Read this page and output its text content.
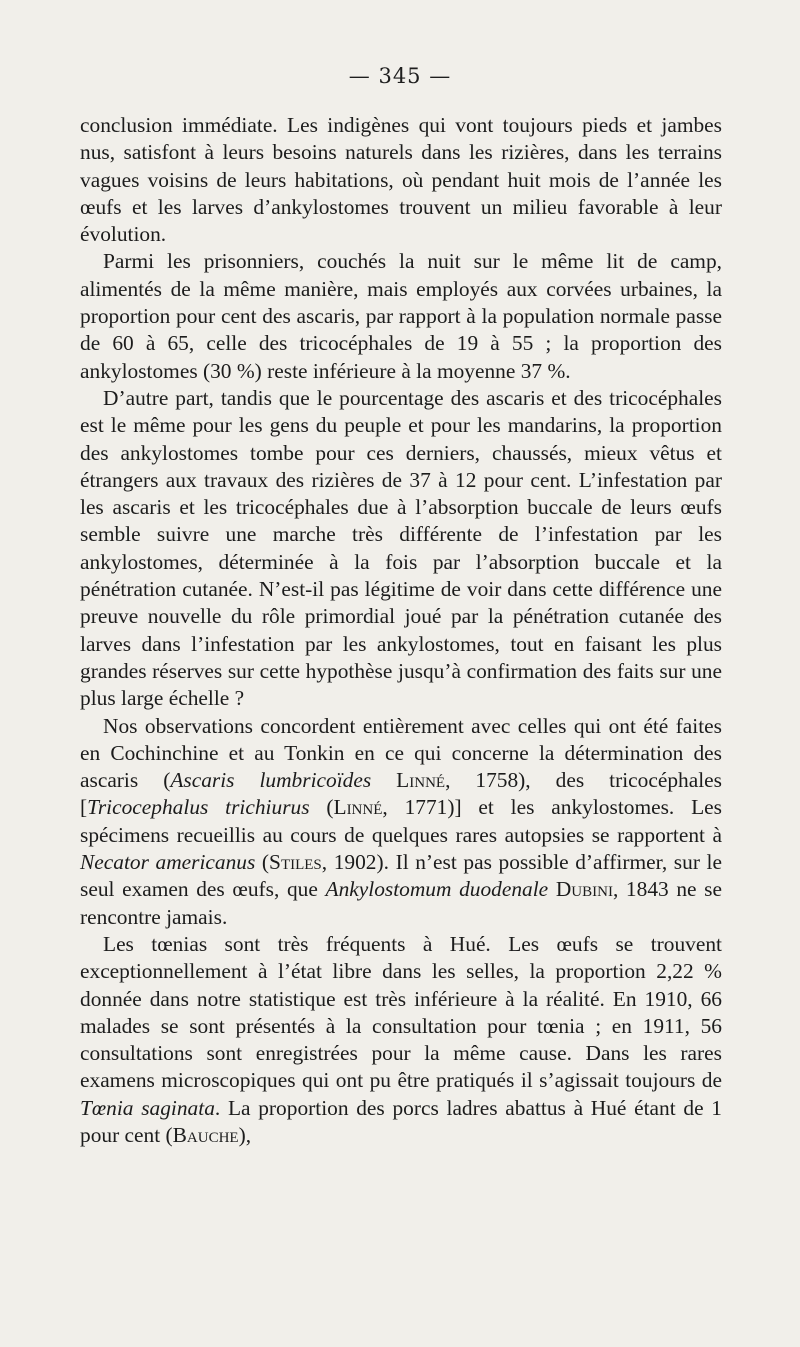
— 345 —

conclusion immédiate. Les indigènes qui vont toujours pieds et jambes nus, satisfont à leurs besoins naturels dans les rizières, dans les terrains vagues voisins de leurs habitations, où pendant huit mois de l’année les œufs et les larves d’ankylostomes trouvent un milieu favorable à leur évolution.

Parmi les prisonniers, couchés la nuit sur le même lit de camp, alimentés de la même manière, mais employés aux corvées urbaines, la proportion pour cent des ascaris, par rapport à la population normale passe de 60 à 65, celle des tricocéphales de 19 à 55 ; la proportion des ankylostomes (30 %) reste inférieure à la moyenne 37 %.

D’autre part, tandis que le pourcentage des ascaris et des tricocéphales est le même pour les gens du peuple et pour les mandarins, la proportion des ankylostomes tombe pour ces derniers, chaussés, mieux vêtus et étrangers aux travaux des rizières de 37 à 12 pour cent. L’infestation par les ascaris et les tricocéphales due à l’absorption buccale de leurs œufs semble suivre une marche très différente de l’infestation par les ankylostomes, déterminée à la fois par l’absorption buccale et la pénétration cutanée. N’est-il pas légitime de voir dans cette différence une preuve nouvelle du rôle primordial joué par la pénétration cutanée des larves dans l’infestation par les ankylostomes, tout en faisant les plus grandes réserves sur cette hypothèse jusqu’à confirmation des faits sur une plus large échelle ?

Nos observations concordent entièrement avec celles qui ont été faites en Cochinchine et au Tonkin en ce qui concerne la détermination des ascaris (Ascaris lumbricoïdes Linné, 1758), des tricocéphales [Tricocephalus trichiurus (Linné, 1771)] et les ankylostomes. Les spécimens recueillis au cours de quelques rares autopsies se rapportent à Necator americanus (Stiles, 1902). Il n’est pas possible d’affirmer, sur le seul examen des œufs, que Ankylostomum duodenale Dubini, 1843 ne se rencontre jamais.

Les tœnias sont très fréquents à Hué. Les œufs se trouvent exceptionnellement à l’état libre dans les selles, la proportion 2,22 % donnée dans notre statistique est très inférieure à la réalité. En 1910, 66 malades se sont présentés à la consultation pour tœnia ; en 1911, 56 consultations sont enregistrées pour la même cause. Dans les rares examens microscopiques qui ont pu être pratiqués il s’agissait toujours de Tœnia saginata. La proportion des porcs ladres abattus à Hué étant de 1 pour cent (Bauche),
